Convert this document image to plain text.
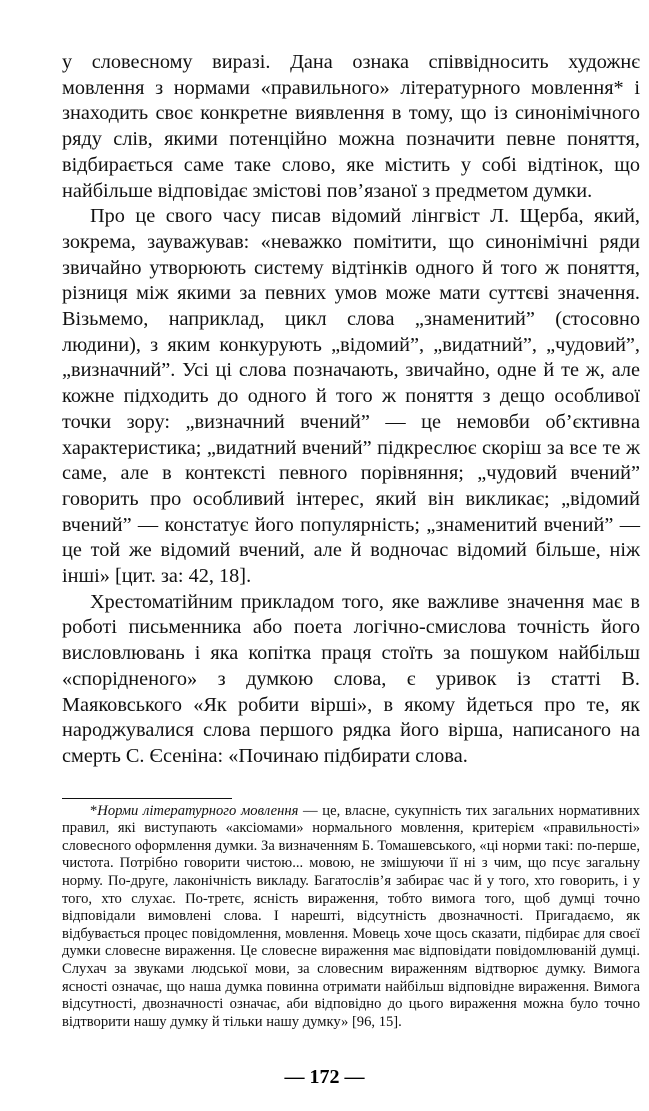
у словесному виразі. Дана ознака співвідносить художнє мовлення з нормами «правильного» літературного мовлення* і знаходить своє конкретне виявлення в тому, що із синонімічного ряду слів, якими потенційно можна позначити певне поняття, відбирається саме таке слово, яке містить у собі відтінок, що найбільше відповідає змістові пов’язаної з предметом думки.

Про це свого часу писав відомий лінгвіст Л. Щерба, який, зокрема, зауважував: «неважко помітити, що синонімічні ряди звичайно утворюють систему відтінків одного й того ж поняття, різниця між якими за певних умов може мати суттєві значення. Візьмемо, наприклад, цикл слова „знаменитий” (стосовно людини), з яким конкурують „відомий”, „видатний”, „чудовий”, „визначний”. Усі ці слова позначають, звичайно, одне й те ж, але кожне підходить до одного й того ж поняття з дещо особливої точки зору: „визначний вчений” — це немовби об’єктивна характеристика; „видатний вчений” підкреслює скоріш за все те ж саме, але в контексті певного порівняння; „чудовий вчений” говорить про особливий інтерес, який він викликає; „відомий вчений” — констатує його популярність; „знаменитий вчений” — це той же відомий вчений, але й водночас відомий більше, ніж інші» [цит. за: 42, 18].

Хрестоматійним прикладом того, яке важливе значення має в роботі письменника або поета логічно-смислова точність його висловлювань і яка копітка праця стоїть за пошуком найбільш «спорідненого» з думкою слова, є уривок із статті В. Маяковського «Як робити вірші», в якому йдеться про те, як народжувалися слова першого рядка його вірша, написаного на смерть С. Єсеніна: «Починаю підбирати слова.

*Норми літературного мовлення — це, власне, сукупність тих загальних нормативних правил, які виступають «аксіомами» нормального мовлення, критерієм «правильності» словесного оформлення думки. За визначенням Б. Томашевського, «ці норми такі: по-перше, чистота. Потрібно говорити чистою... мовою, не змішуючи її ні з чим, що псує загальну норму. По-друге, лаконічність викладу. Багатослів’я забирає час й у того, хто говорить, і у того, хто слухає. По-третє, ясність вираження, тобто вимога того, щоб думці точно відповідали вимовлені слова. І нарешті, відсутність двозначності. Пригадаємо, як відбувається процес повідомлення, мовлення. Мовець хоче щось сказати, підбирає для своєї думки словесне вираження. Це словесне вираження має відповідати повідомлюваній думці. Слухач за звуками людської мови, за словесним вираженням відтворює думку. Вимога ясності означає, що наша думка повинна отримати найбільш відповідне вираження. Вимога відсутності, двозначності означає, аби відповідно до цього вираження можна було точно відтворити нашу думку й тільки нашу думку» [96, 15].

— 172 —
